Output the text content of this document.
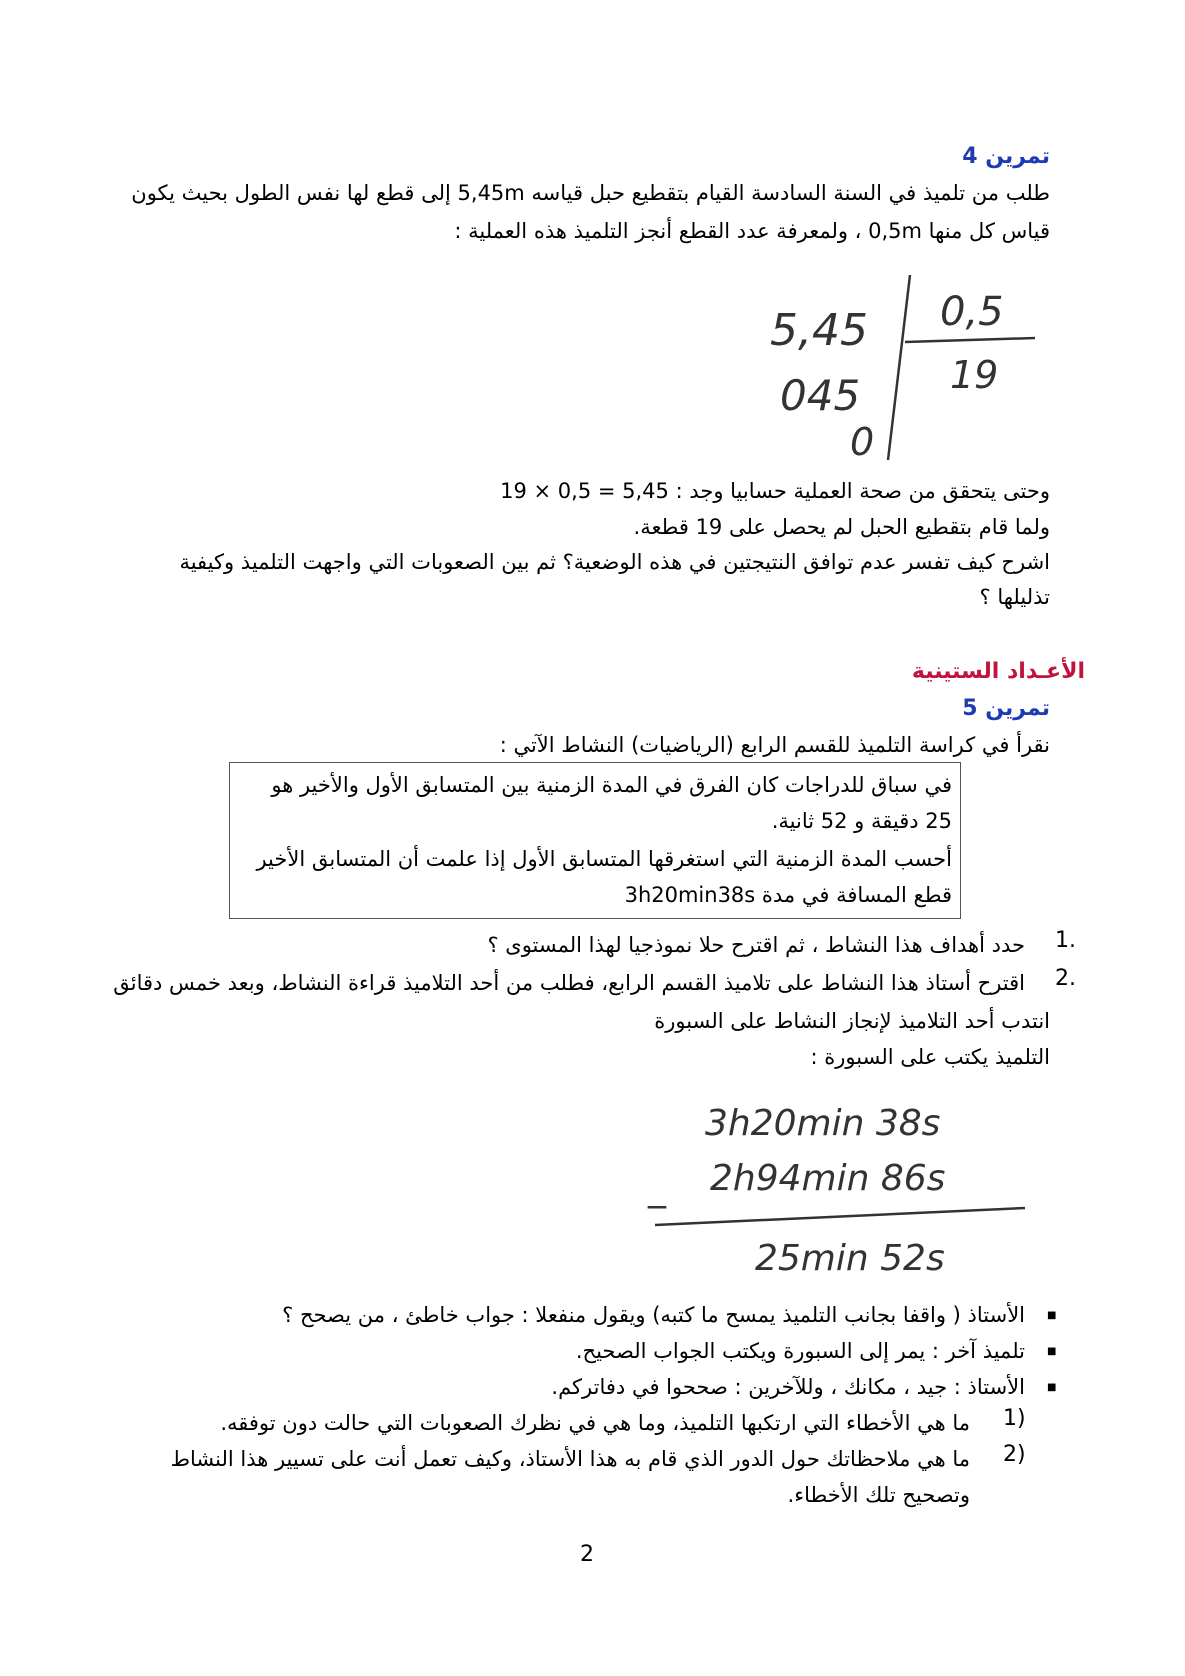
تمرين 4
طلب من تلميذ في السنة السادسة القيام بتقطيع حبل قياسه 5,45m إلى قطع لها نفس الطول بحيث يكون
قياس كل منها 0,5m ، ولمعرفة عدد القطع أنجز التلميذ هذه العملية :
5,45
045
0
0,5
19
وحتى يتحقق من صحة العملية حسابيا وجد : 5,45 = 0,5 × 19
ولما قام بتقطيع الحبل لم يحصل على 19 قطعة.
اشرح كيف تفسر عدم توافق النتيجتين في هذه الوضعية؟ ثم بين الصعوبات التي واجهت التلميذ وكيفية
تذليلها ؟
الأعـداد الستينية
تمرين 5
نقرأ في كراسة التلميذ للقسم الرابع (الرياضيات) النشاط الآتي :
في سباق للدراجات كان الفرق في المدة الزمنية بين المتسابق الأول والأخير هو
25 دقيقة و 52 ثانية.
أحسب المدة الزمنية التي استغرقها المتسابق الأول إذا علمت أن المتسابق الأخير
قطع المسافة في مدة 3h20min38s
1.
حدد أهداف هذا النشاط ، ثم اقترح حلا نموذجيا لهذا المستوى ؟
2.
اقترح أستاذ هذا النشاط على تلاميذ القسم الرابع، فطلب من أحد التلاميذ قراءة النشاط، وبعد خمس دقائق
انتدب أحد التلاميذ لإنجاز النشاط على السبورة
التلميذ يكتب على السبورة :
3h20min 38s
_ 2h94min 86s
25min 52s
■
الأستاذ ( واقفا بجانب التلميذ يمسح ما كتبه) ويقول منفعلا : جواب خاطئ ، من يصحح ؟
■
تلميذ آخر : يمر إلى السبورة ويكتب الجواب الصحيح.
■
الأستاذ : جيد ، مكانك ، وللآخرين : صححوا في دفاتركم.
1)
ما هي الأخطاء التي ارتكبها التلميذ، وما هي في نظرك الصعوبات التي حالت دون توفقه.
2)
ما هي ملاحظاتك حول الدور الذي قام به هذا الأستاذ، وكيف تعمل أنت على تسيير هذا النشاط
وتصحيح تلك الأخطاء.
2
